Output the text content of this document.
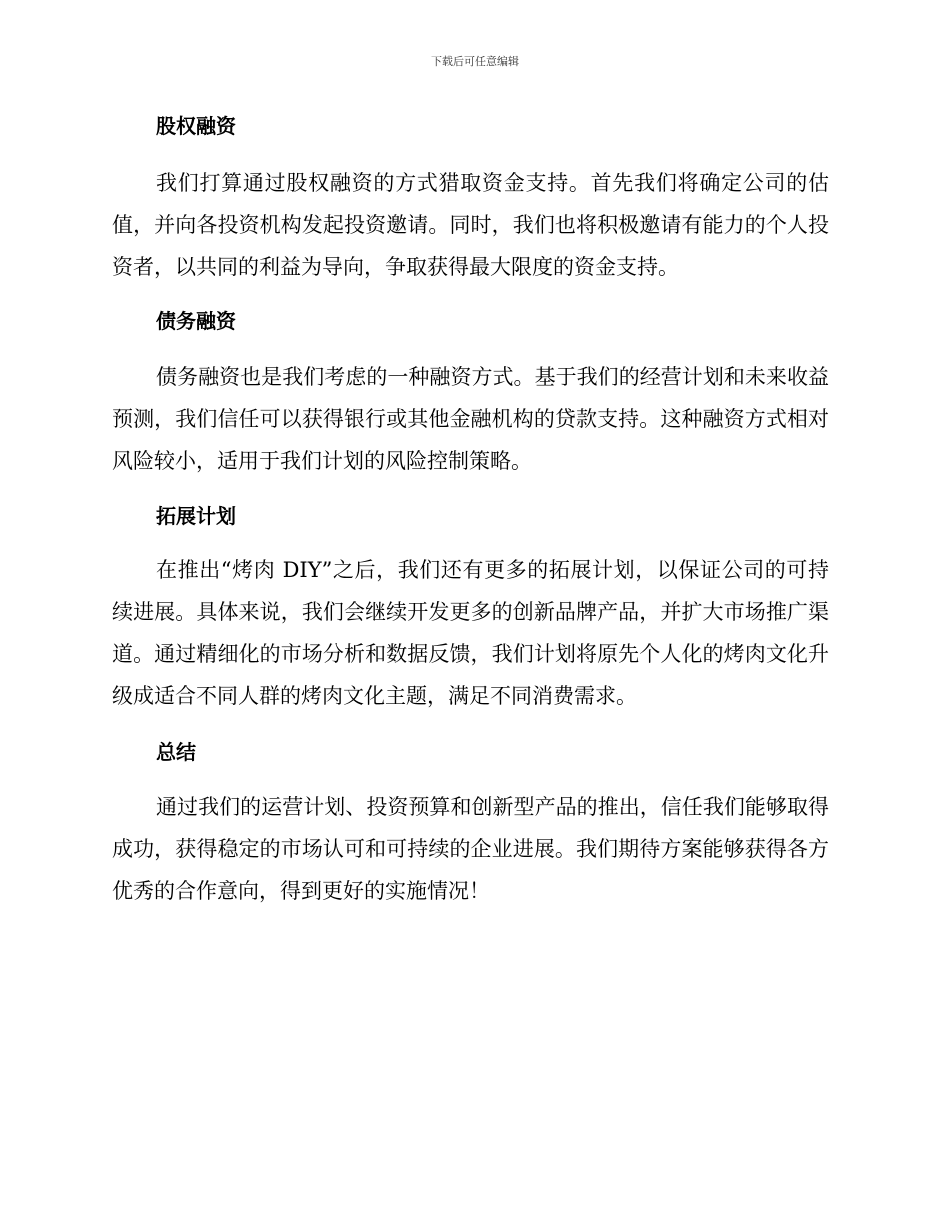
下载后可任意编辑
股权融资

我们打算通过股权融资的方式猎取资金支持。首先我们将确定公司的估值，并向各投资机构发起投资邀请。同时，我们也将积极邀请有能力的个人投资者，以共同的利益为导向，争取获得最大限度的资金支持。

债务融资

债务融资也是我们考虑的一种融资方式。基于我们的经营计划和未来收益预测，我们信任可以获得银行或其他金融机构的贷款支持。这种融资方式相对风险较小，适用于我们计划的风险控制策略。

拓展计划

在推出“烤肉 DIY”之后，我们还有更多的拓展计划，以保证公司的可持续进展。具体来说，我们会继续开发更多的创新品牌产品，并扩大市场推广渠道。通过精细化的市场分析和数据反馈，我们计划将原先个人化的烤肉文化升级成适合不同人群的烤肉文化主题，满足不同消费需求。

总结

通过我们的运营计划、投资预算和创新型产品的推出，信任我们能够取得成功，获得稳定的市场认可和可持续的企业进展。我们期待方案能够获得各方优秀的合作意向，得到更好的实施情况！
